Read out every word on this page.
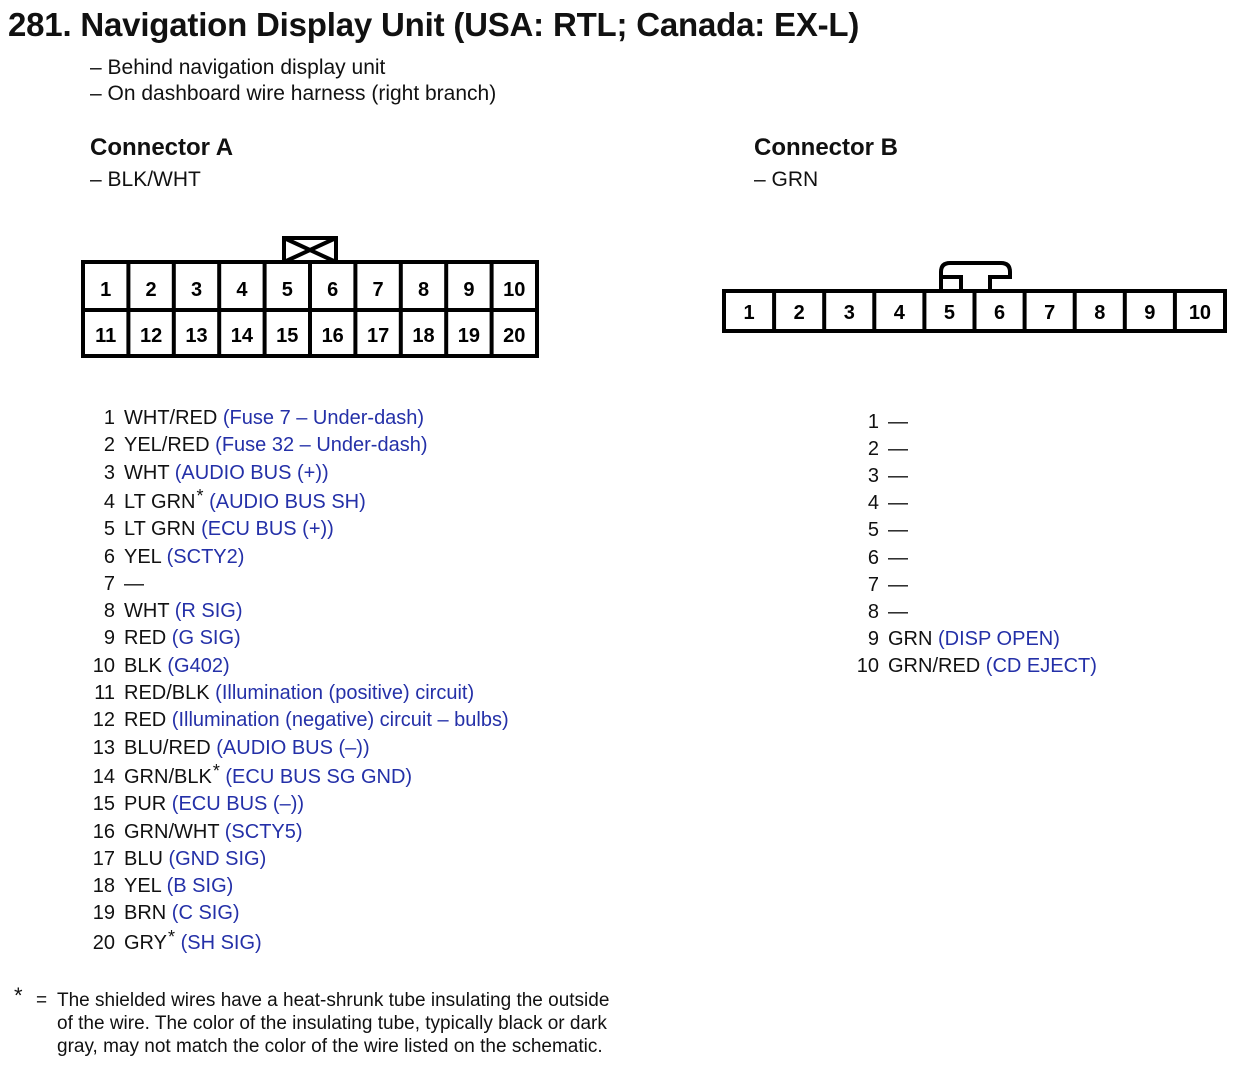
281. Navigation Display Unit (USA: RTL; Canada: EX-L)
– Behind navigation display unit
– On dashboard wire harness (right branch)
Connector A
– BLK/WHT
Connector B
– GRN
1 2 3 4 5 6 7 8 9 10
11 12 13 14 15 16 17 18 19 20
1 2 3 4 5 6 7 8 9 10
1 WHT/RED (Fuse 7 – Under-dash)
2 YEL/RED (Fuse 32 – Under-dash)
3 WHT (AUDIO BUS (+))
4 LT GRN* (AUDIO BUS SH)
5 LT GRN (ECU BUS (+))
6 YEL (SCTY2)
7 —
8 WHT (R SIG)
9 RED (G SIG)
10 BLK (G402)
11 RED/BLK (Illumination (positive) circuit)
12 RED (Illumination (negative) circuit – bulbs)
13 BLU/RED (AUDIO BUS (–))
14 GRN/BLK* (ECU BUS SG GND)
15 PUR (ECU BUS (–))
16 GRN/WHT (SCTY5)
17 BLU (GND SIG)
18 YEL (B SIG)
19 BRN (C SIG)
20 GRY* (SH SIG)
1 —
2 —
3 —
4 —
5 —
6 —
7 —
8 —
9 GRN (DISP OPEN)
10 GRN/RED (CD EJECT)
* = The shielded wires have a heat-shrunk tube insulating the outside of the wire. The color of the insulating tube, typically black or dark gray, may not match the color of the wire listed on the schematic.
